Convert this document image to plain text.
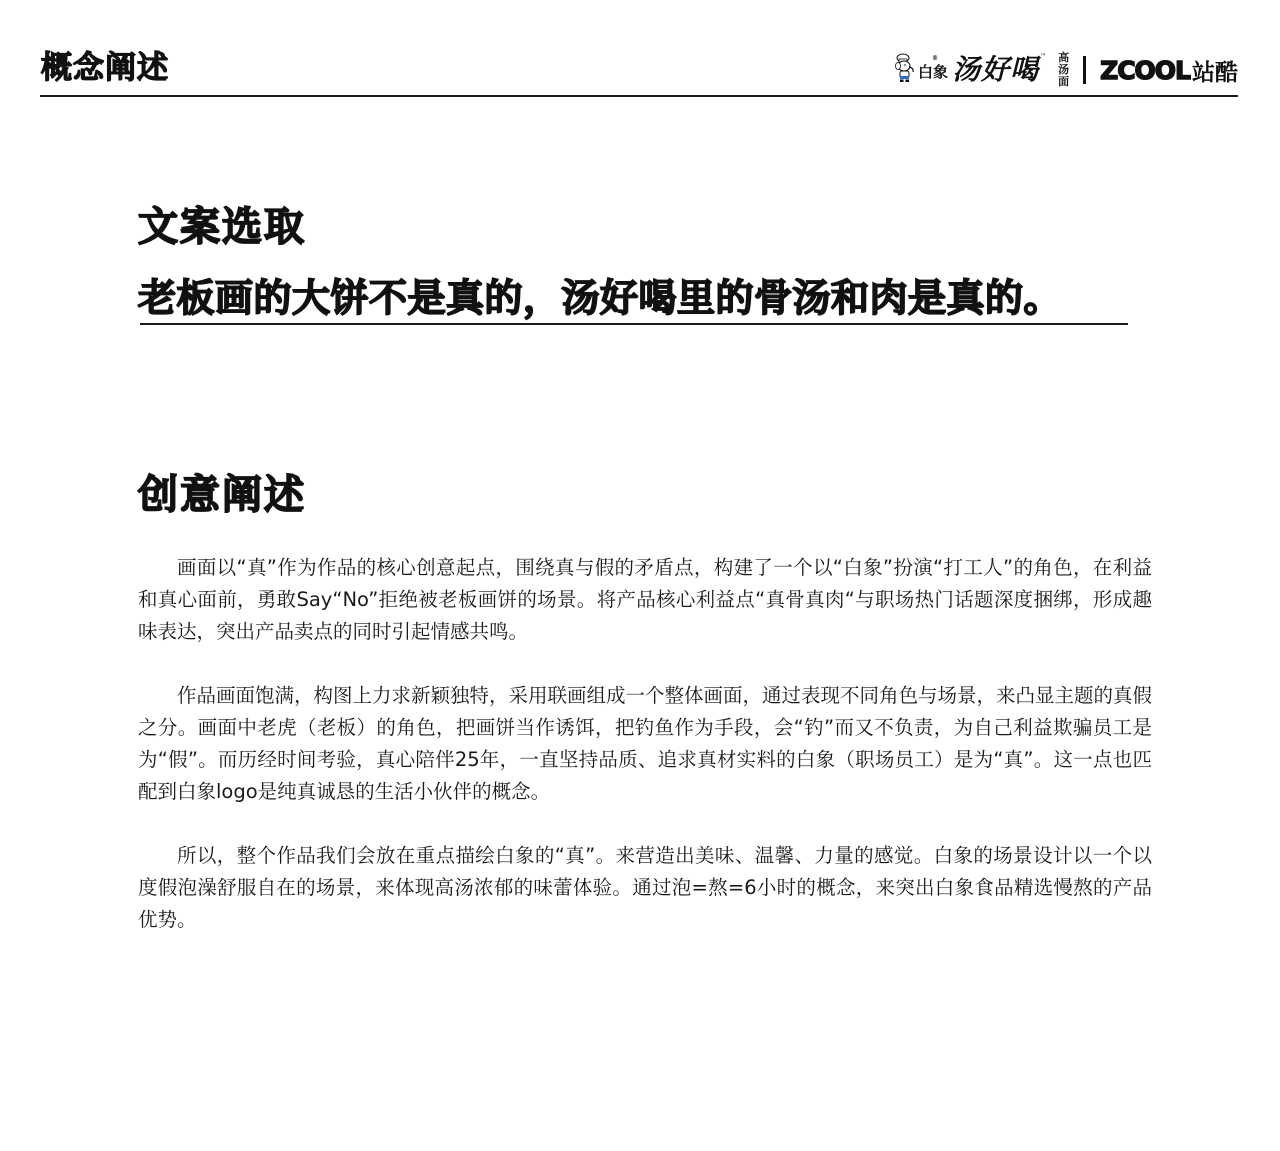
概念阐述	白象
® 汤好喝 ™ 高
汤
面 ZCOOL 站酷
文案选取
老板画的大饼不是真的，汤好喝里的骨汤和肉是真的。
创意阐述

画面以“真”作为作品的核心创意起点，围绕真与假的矛盾点，构建了一个以“白象”扮演“打工人”的角色，在利益和真心面前，勇敢Say“No”拒绝被老板画饼的场景。将产品核心利益点“真骨真肉“与职场热门话题深度捆绑，形成趣味表达，突出产品卖点的同时引起情感共鸣。

作品画面饱满，构图上力求新颖独特，采用联画组成一个整体画面，通过表现不同角色与场景，来凸显主题的真假之分。画面中老虎（老板）的角色，把画饼当作诱饵，把钓鱼作为手段，会“钓”而又不负责，为自己利益欺骗员工是为“假”。而历经时间考验，真心陪伴25年，一直坚持品质、追求真材实料的白象（职场员工）是为“真”。这一点也匹配到白象logo是纯真诚恳的生活小伙伴的概念。

所以，整个作品我们会放在重点描绘白象的“真”。来营造出美味、温馨、力量的感觉。白象的场景设计以一个以度假泡澡舒服自在的场景，来体现高汤浓郁的味蕾体验。通过泡=熬=6小时的概念，来突出白象食品精选慢熬的产品优势。
